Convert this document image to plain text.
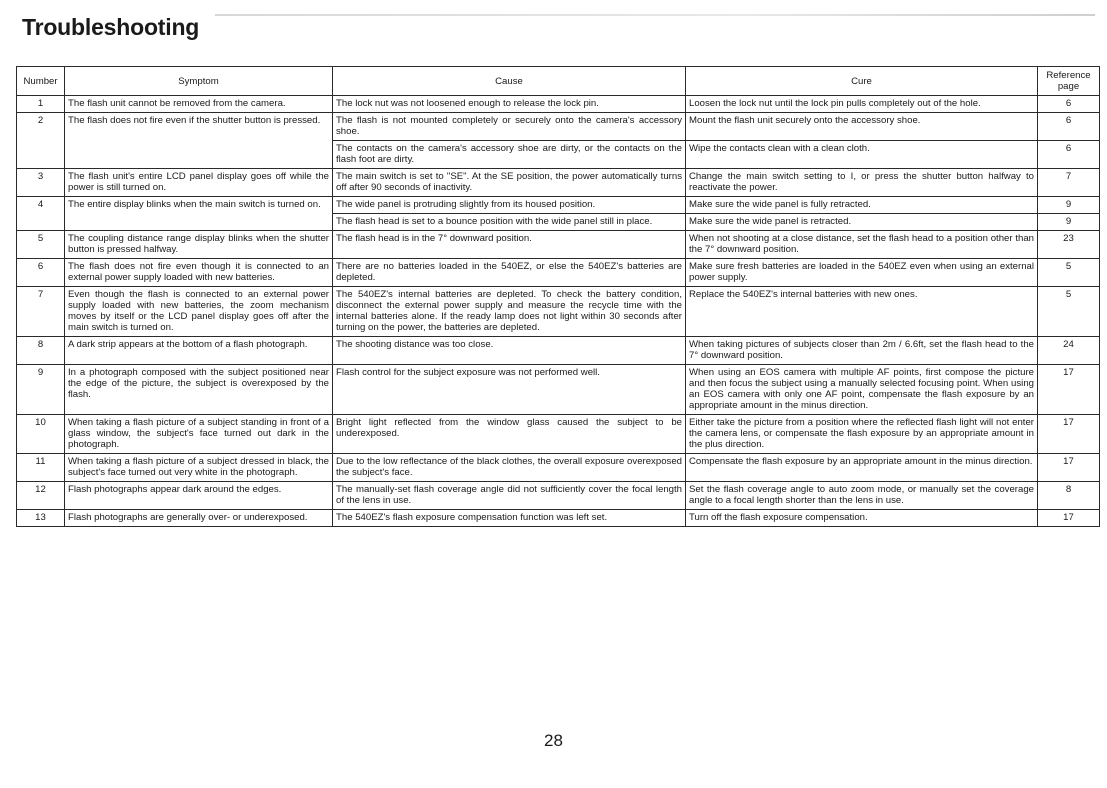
Troubleshooting
Number	Symptom	Cause	Cure	Reference page
1	The flash unit cannot be removed from the camera.	The lock nut was not loosened enough to release the lock pin.	Loosen the lock nut until the lock pin pulls completely out of the hole.	6
2	The flash does not fire even if the shutter button is pressed.	The flash is not mounted completely or securely onto the camera's accessory shoe.	Mount the flash unit securely onto the accessory shoe.	6
		The contacts on the camera's accessory shoe are dirty, or the contacts on the flash foot are dirty.	Wipe the contacts clean with a clean cloth.	6
3	The flash unit's entire LCD panel display goes off while the power is still turned on.	The main switch is set to "SE". At the SE position, the power automatically turns off after 90 seconds of inactivity.	Change the main switch setting to I, or press the shutter button halfway to reactivate the power.	7
4	The entire display blinks when the main switch is turned on.	The wide panel is protruding slightly from its housed position.	Make sure the wide panel is fully retracted.	9
		The flash head is set to a bounce position with the wide panel still in place.	Make sure the wide panel is retracted.	9
5	The coupling distance range display blinks when the shutter button is pressed halfway.	The flash head is in the 7° downward position.	When not shooting at a close distance, set the flash head to a position other than the 7° downward position.	23
6	The flash does not fire even though it is connected to an external power supply loaded with new batteries.	There are no batteries loaded in the 540EZ, or else the 540EZ's batteries are depleted.	Make sure fresh batteries are loaded in the 540EZ even when using an external power supply.	5
7	Even though the flash is connected to an external power supply loaded with new batteries, the zoom mechanism moves by itself or the LCD panel display goes off after the main switch is turned on.	The 540EZ's internal batteries are depleted. To check the battery condition, disconnect the external power supply and measure the recycle time with the internal batteries alone. If the ready lamp does not light within 30 seconds after turning on the power, the batteries are depleted.	Replace the 540EZ's internal batteries with new ones.	5
8	A dark strip appears at the bottom of a flash photograph.	The shooting distance was too close.	When taking pictures of subjects closer than 2m / 6.6ft, set the flash head to the 7° downward position.	24
9	In a photograph composed with the subject positioned near the edge of the picture, the subject is overexposed by the flash.	Flash control for the subject exposure was not performed well.	When using an EOS camera with multiple AF points, first compose the picture and then focus the subject using a manually selected focusing point. When using an EOS camera with only one AF point, compensate the flash exposure by an appropriate amount in the minus direction.	17
10	When taking a flash picture of a subject standing in front of a glass window, the subject's face turned out dark in the photograph.	Bright light reflected from the window glass caused the subject to be underexposed.	Either take the picture from a position where the reflected flash light will not enter the camera lens, or compensate the flash exposure by an appropriate amount in the plus direction.	17
11	When taking a flash picture of a subject dressed in black, the subject's face turned out very white in the photograph.	Due to the low reflectance of the black clothes, the overall exposure overexposed the subject's face.	Compensate the flash exposure by an appropriate amount in the minus direction.	17
12	Flash photographs appear dark around the edges.	The manually-set flash coverage angle did not sufficiently cover the focal length of the lens in use.	Set the flash coverage angle to auto zoom mode, or manually set the coverage angle to a focal length shorter than the lens in use.	8
13	Flash photographs are generally over- or underexposed.	The 540EZ's flash exposure compensation function was left set.	Turn off the flash exposure compensation.	17
28
